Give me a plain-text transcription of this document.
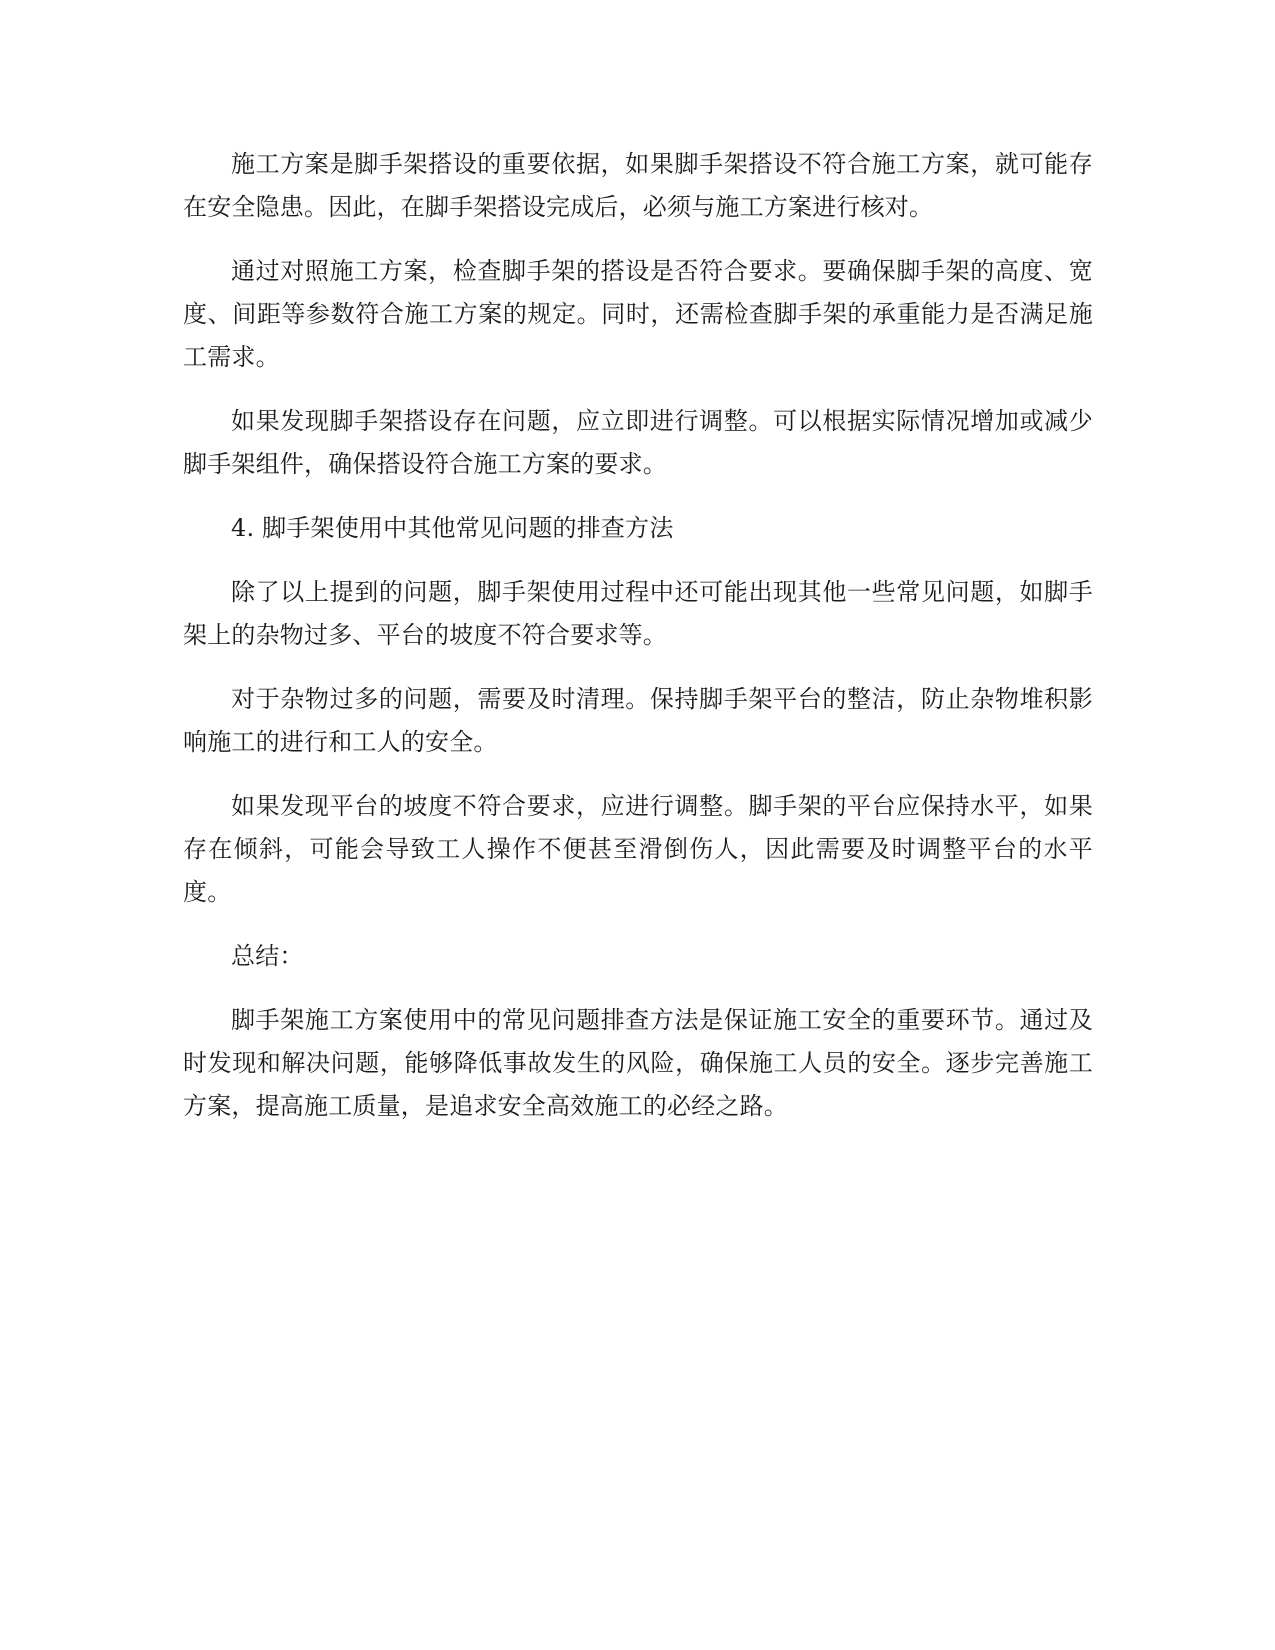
施工方案是脚手架搭设的重要依据，如果脚手架搭设不符合施工方案，就可能存在安全隐患。因此，在脚手架搭设完成后，必须与施工方案进行核对。

通过对照施工方案，检查脚手架的搭设是否符合要求。要确保脚手架的高度、宽度、间距等参数符合施工方案的规定。同时，还需检查脚手架的承重能力是否满足施工需求。

如果发现脚手架搭设存在问题，应立即进行调整。可以根据实际情况增加或减少脚手架组件，确保搭设符合施工方案的要求。

4. 脚手架使用中其他常见问题的排查方法

除了以上提到的问题，脚手架使用过程中还可能出现其他一些常见问题，如脚手架上的杂物过多、平台的坡度不符合要求等。

对于杂物过多的问题，需要及时清理。保持脚手架平台的整洁，防止杂物堆积影响施工的进行和工人的安全。

如果发现平台的坡度不符合要求，应进行调整。脚手架的平台应保持水平，如果存在倾斜，可能会导致工人操作不便甚至滑倒伤人，因此需要及时调整平台的水平度。

总结：

脚手架施工方案使用中的常见问题排查方法是保证施工安全的重要环节。通过及时发现和解决问题，能够降低事故发生的风险，确保施工人员的安全。逐步完善施工方案，提高施工质量，是追求安全高效施工的必经之路。
